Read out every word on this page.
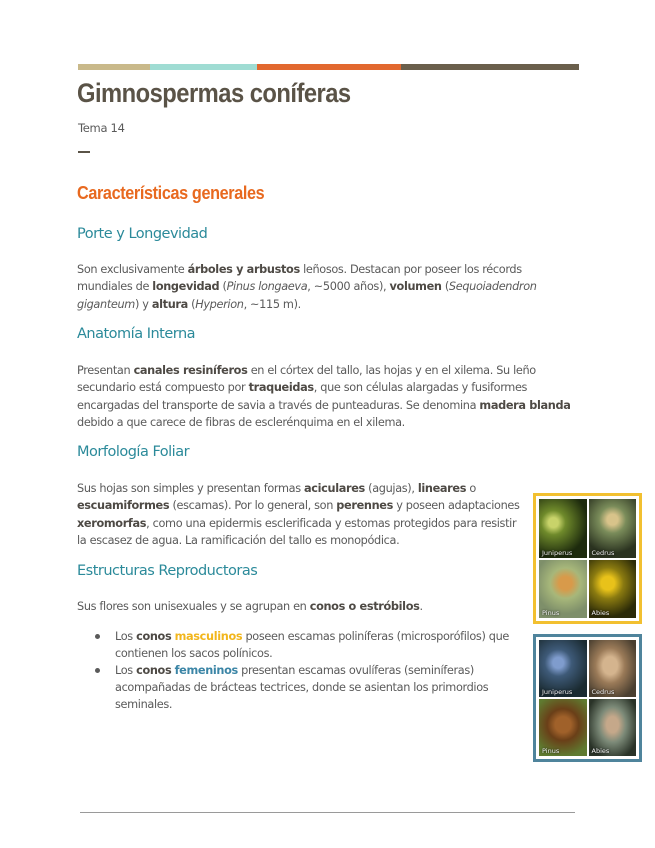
Gimnospermas coníferas
Tema 14
Características generales
Porte y Longevidad

Son exclusivamente árboles y arbustos leñosos. Destacan por poseer los récords mundiales de longevidad (Pinus longaeva, ~5000 años), volumen (Sequoiadendron giganteum) y altura (Hyperion, ~115 m).

Anatomía Interna

Presentan canales resiníferos en el córtex del tallo, las hojas y en el xilema. Su leño secundario está compuesto por traqueidas, que son células alargadas y fusiformes encargadas del transporte de savia a través de punteaduras. Se denomina madera blanda debido a que carece de fibras de esclerénquima en el xilema.

Morfología Foliar

Sus hojas son simples y presentan formas aciculares (agujas), lineares o escuamiformes (escamas). Por lo general, son perennes y poseen adaptaciones xeromorfas, como una epidermis esclerificada y estomas protegidos para resistir la escasez de agua. La ramificación del tallo es monopódica.

Estructuras Reproductoras

Sus flores son unisexuales y se agrupan en conos o estróbilos.

Los conos masculinos poseen escamas poliníferas (microsporófilos) que contienen los sacos polínicos.
Los conos femeninos presentan escamas ovulíferas (seminíferas) acompañadas de brácteas tectrices, donde se asientan los primordios seminales.
Juniperus	Cedrus
Pinus	Abies
Juniperus	Cedrus
Pinus	Abies
